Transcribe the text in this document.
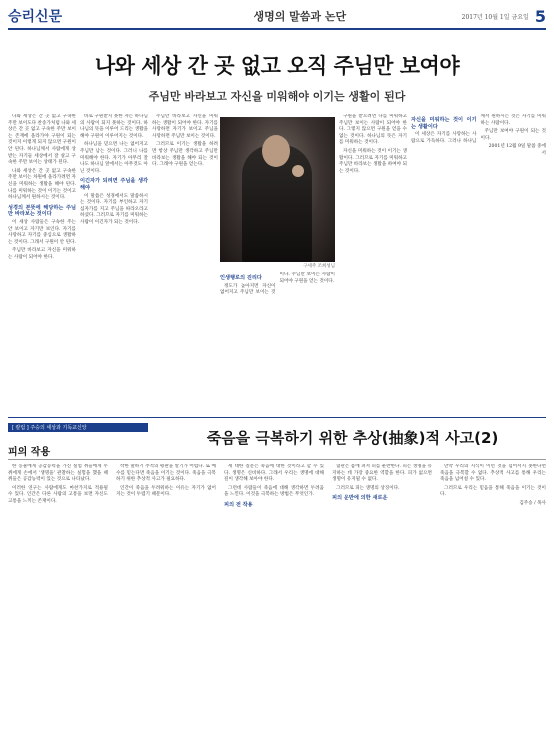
승리신문	생명의 말씀과 논단	2017년 10월 1일 금요일 5
나와 세상 간 곳 없고 오직 주님만 보여야
주님만 바라보고 자신을 미워해야 이기는 생활이 된다

나와 세상은 간 곳 없고 구속한 주만 보이도다 찬송가처럼 나와 세상은 간 곳 없고 구속한 주만 보이는 존재에 올라가야 구원이 되는 것이지 이렇게 되지 않으면 구원이 안 된다. 하나님께서 사람에게 상 받는 자기들 세상에서 잘 살고 구속한 주만 보이는 상태가 된다.

나와 세상은 간 곳 없고 구속한 주만 보이는 차원에 올라가려면 자신을 미워하는 생활을 해야 된다. 나를 미워하는 것이 이기는 것이고 하나님께서 원하시는 것이다.

성경의 본뜻에 해당하는 주님만 바라보는 것이다

이 세상 사람들은 구속한 주는 안 보이고 자기만 보인다. 자기를 사랑하고 자기를 중심으로 생활하는 것이다. 그래서 구원이 안 된다.

주님만 바라보고 자신을 미워하는 사람이 되어야 한다.

바로 구원받지 못한 자는 하나님의 사람이 되지 못하는 것이다. 하나님의 뜻을 이루어 드리는 생활을 해야 구원이 이루어지는 것이다.

하나님을 믿으면 나는 없어지고 주님만 남는 것이다. 그러니 나를 미워해야 한다. 자기가 아무리 잘나도 하나님 앞에서는 아무것도 아닌 것이다.

이긴자가 되려면 주님을 생각해야

이 말씀은 성경에서도 말씀하시는 것이다. 자기를 부인하고 자기 십자가를 지고 주님을 따라오라고 하셨다. 그러므로 자기를 미워하는 사람이 이긴자가 되는 것이다.

주님만 바라보고 자신을 미워하는 생활이 되어야 한다. 자기를 사랑하면 자기가 보이고 주님을 사랑하면 주님만 보이는 것이다.

그러므로 이기는 생활을 하려면 항상 주님만 생각하고 주님만 바라보는 생활을 해야 되는 것이다. 그래야 구원을 얻는다.

구세주 조희성님
인생행로의 진리다

정도가 높아지면 자신이 없어지고 주님만 보이는 것이다. 주님만 보이는 사람이 되어야 구원을 얻는 것이다.

구원을 받으려면 나를 미워하고 주님만 보이는 사람이 되어야 한다. 그렇지 않으면 구원을 얻을 수 없는 것이다. 하나님의 뜻은 자기를 미워하는 것이다.

자신을 미워하는 것이 이기는 생활이다. 그러므로 자기를 미워하고 주님만 바라보는 생활을 하여야 되는 것이다.

자신을 미워하는 것이 이기는 생활이다

이 세상은 자기를 사랑하는 사람으로 가득하다. 그러나 하나님께서 원하시는 것은 자기를 미워하는 사람이다.

주님만 보여야 구원이 되는 것이다.

2001년 12월 9일 말씀 중에서

[ 칼럼 ] 주승의 세상과 기독교신앙
피의 작용
죽음을 극복하기 위한 추상(抽象)적 사고(2)

한 동물에게 공감능력을 가진 실험 쥐들에게 두 쥐에게 손에서 '생명을' 관찰하는 실험을 했을 때 쥐들은 공감능력이 있는 것으로 나타났다.

이러한 연구는 사람에게도 마찬가지로 적용될 수 있다. 인간은 다른 사람의 고통을 보면 자신도 고통을 느끼는 존재이다.

착한 말하기 추적의 평판을 알기가 어렵다. 또 예수를 믿는다면 죽음을 이기는 것이다. 죽음을 극복하기 위한 추상적 사고가 필요하다.

인간이 죽음을 두려워하는 이유는 자기가 없어지는 것이 두렵기 때문이다.

세 대한 질문은 죽음에 대한 것이라고 할 수 있다. 생명은 신비하다. 그래서 우리는 생명에 대해 깊이 생각해 보아야 한다.

그런데 사람들이 죽음에 대해 생각하면 두려움을 느낀다. 이것을 극복하는 방법은 무엇인가.

피의 전 작용

혈관은 몸에 퍼져 피를 운반한다. 피는 생명을 유지하는 데 가장 중요한 역할을 한다. 피가 없으면 생명이 유지될 수 없다.

그러므로 피는 생명의 상징이다.

피의 운반에 의한 새로운

만약 우리의 지식이 이런 것을 넘어서지 못한다면 죽음을 극복할 수 없다. 추상적 사고를 통해 우리는 죽음을 넘어설 수 있다.

그러므로 우리는 믿음을 통해 죽음을 이기는 것이다.

김주승 / 목사
